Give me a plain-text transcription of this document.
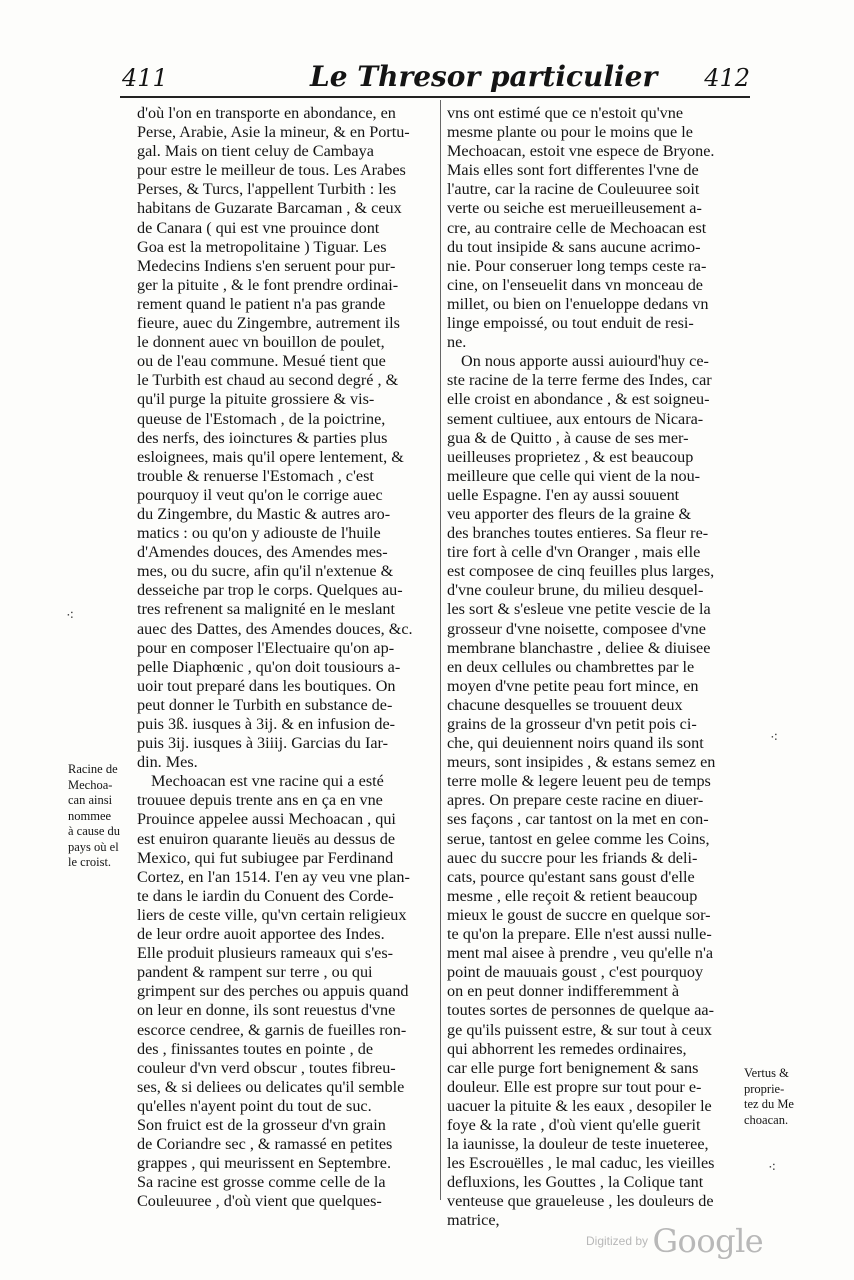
411	Le Thresor particulier 412
d'où l'on en transporte en abondance, en
Perse, Arabie, Asie la mineur, & en Portu-
gal. Mais on tient celuy de Cambaya
pour estre le meilleur de tous. Les Arabes
Perses, & Turcs, l'appellent Turbith : les
habitans de Guzarate Barcaman , & ceux
de Canara ( qui est vne prouince dont
Goa est la metropolitaine ) Tiguar. Les
Medecins Indiens s'en seruent pour pur-
ger la pituite , & le font prendre ordinai-
rement quand le patient n'a pas grande
fieure, auec du Zingembre, autrement ils
le donnent auec vn bouillon de poulet,
ou de l'eau commune. Mesué tient que
le Turbith est chaud au second degré , &
qu'il purge la pituite grossiere & vis-
queuse de l'Estomach , de la poictrine,
des nerfs, des ioinctures & parties plus
esloignees, mais qu'il opere lentement, &
trouble & renuerse l'Estomach , c'est
pourquoy il veut qu'on le corrige auec
du Zingembre, du Mastic & autres aro-
matics : ou qu'on y adiouste de l'huile
d'Amendes douces, des Amendes mes-
mes, ou du sucre, afin qu'il n'extenue &
desseiche par trop le corps. Quelques au-
tres refrenent sa malignité en le meslant
auec des Dattes, des Amendes douces, &c.
pour en composer l'Electuaire qu'on ap-
pelle Diaphœnic , qu'on doit tousiours a-
uoir tout preparé dans les boutiques. On
peut donner le Turbith en substance de-
puis 3ß. iusques à 3ij. & en infusion de-
puis 3ij. iusques à 3iiij. Garcias du Iar-
din. Mes.
Mechoacan est vne racine qui a esté
trouuee depuis trente ans en ça en vne
Prouince appelee aussi Mechoacan , qui
est enuiron quarante lieuës au dessus de
Mexico, qui fut subiugee par Ferdinand
Cortez, en l'an 1514. I'en ay veu vne plan-
te dans le iardin du Conuent des Corde-
liers de ceste ville, qu'vn certain religieux
de leur ordre auoit apportee des Indes.
Elle produit plusieurs rameaux qui s'es-
pandent & rampent sur terre , ou qui
grimpent sur des perches ou appuis quand
on leur en donne, ils sont reuestus d'vne
escorce cendree, & garnis de fueilles ron-
des , finissantes toutes en pointe , de
couleur d'vn verd obscur , toutes fibreu-
ses, & si deliees ou delicates qu'il semble
qu'elles n'ayent point du tout de suc.
Son fruict est de la grosseur d'vn grain
de Coriandre sec , & ramassé en petites
grappes , qui meurissent en Septembre.
Sa racine est grosse comme celle de la
Couleuuree , d'où vient que quelques-
vns ont estimé que ce n'estoit qu'vne
mesme plante ou pour le moins que le
Mechoacan, estoit vne espece de Bryone.
Mais elles sont fort differentes l'vne de
l'autre, car la racine de Couleuuree soit
verte ou seiche est merueilleusement a-
cre, au contraire celle de Mechoacan est
du tout insipide & sans aucune acrimo-
nie. Pour conseruer long temps ceste ra-
cine, on l'enseuelit dans vn monceau de
millet, ou bien on l'enueloppe dedans vn
linge empoissé, ou tout enduit de resi-
ne.
On nous apporte aussi auiourd'huy ce-
ste racine de la terre ferme des Indes, car
elle croist en abondance , & est soigneu-
sement cultiuee, aux entours de Nicara-
gua & de Quitto , à cause de ses mer-
ueilleuses proprietez , & est beaucoup
meilleure que celle qui vient de la nou-
uelle Espagne. I'en ay aussi souuent
veu apporter des fleurs de la graine &
des branches toutes entieres. Sa fleur re-
tire fort à celle d'vn Oranger , mais elle
est composee de cinq feuilles plus larges,
d'vne couleur brune, du milieu desquel-
les sort & s'esleue vne petite vescie de la
grosseur d'vne noisette, composee d'vne
membrane blanchastre , deliee & diuisee
en deux cellules ou chambrettes par le
moyen d'vne petite peau fort mince, en
chacune desquelles se trouuent deux
grains de la grosseur d'vn petit pois ci-
che, qui deuiennent noirs quand ils sont
meurs, sont insipides , & estans semez en
terre molle & legere leuent peu de temps
apres. On prepare ceste racine en diuer-
ses façons , car tantost on la met en con-
serue, tantost en gelee comme les Coins,
auec du succre pour les friands & deli-
cats, pource qu'estant sans goust d'elle
mesme , elle reçoit & retient beaucoup
mieux le goust de succre en quelque sor-
te qu'on la prepare. Elle n'est aussi nulle-
ment mal aisee à prendre , veu qu'elle n'a
point de mauuais goust , c'est pourquoy
on en peut donner indifferemment à
toutes sortes de personnes de quelque aa-
ge qu'ils puissent estre, & sur tout à ceux
qui abhorrent les remedes ordinaires,
car elle purge fort benignement & sans
douleur. Elle est propre sur tout pour e-
uacuer la pituite & les eaux , desopiler le
foye & la rate , d'où vient qu'elle guerit
la iaunisse, la douleur de teste inueteree,
les Escrouëlles , le mal caduc, les vieilles
defluxions, les Gouttes , la Colique tant
venteuse que graueleuse , les douleurs de
matrice,
Racine de
Mechoa-
can ainsi
nommee
à cause du
pays où el
le croist.
Vertus &
proprie-
tez du Me
choacan.
⁖
⁖
⁖
Digitized by Google
